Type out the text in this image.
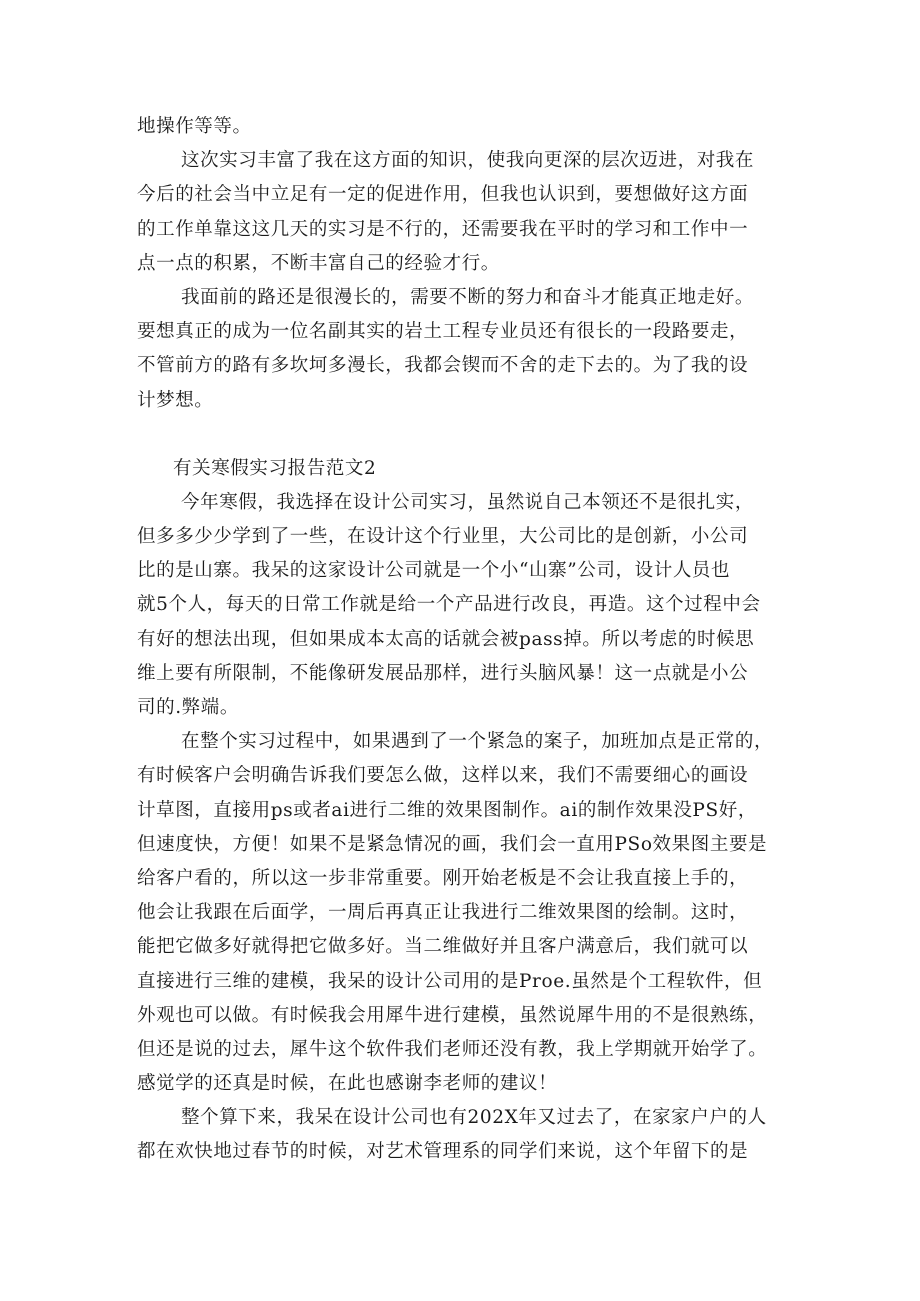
地操作等等。
这次实习丰富了我在这方面的知识，使我向更深的层次迈进，对我在
今后的社会当中立足有一定的促进作用，但我也认识到，要想做好这方面
的工作单靠这这几天的实习是不行的，还需要我在平时的学习和工作中一
点一点的积累，不断丰富自己的经验才行。
我面前的路还是很漫长的，需要不断的努力和奋斗才能真正地走好。
要想真正的成为一位名副其实的岩土工程专业员还有很长的一段路要走，
不管前方的路有多坎坷多漫长，我都会锲而不舍的走下去的。为了我的设
计梦想。
有关寒假实习报告范文2
今年寒假，我选择在设计公司实习，虽然说自己本领还不是很扎实，
但多多少少学到了一些，在设计这个行业里，大公司比的是创新，小公司
比的是山寨。我呆的这家设计公司就是一个小“山寨”公司，设计人员也
就5个人，每天的日常工作就是给一个产品进行改良，再造。这个过程中会
有好的想法出现，但如果成本太高的话就会被pass掉。所以考虑的时候思
维上要有所限制，不能像研发展品那样，进行头脑风暴！这一点就是小公
司的.弊端。
在整个实习过程中，如果遇到了一个紧急的案子，加班加点是正常的，
有时候客户会明确告诉我们要怎么做，这样以来，我们不需要细心的画设
计草图，直接用ps或者ai进行二维的效果图制作。ai的制作效果没PS好，
但速度快，方便！如果不是紧急情况的画，我们会一直用PSo效果图主要是
给客户看的，所以这一步非常重要。刚开始老板是不会让我直接上手的，
他会让我跟在后面学，一周后再真正让我进行二维效果图的绘制。这时，
能把它做多好就得把它做多好。当二维做好并且客户满意后，我们就可以
直接进行三维的建模，我呆的设计公司用的是Proe.虽然是个工程软件，但
外观也可以做。有时候我会用犀牛进行建模，虽然说犀牛用的不是很熟练，
但还是说的过去，犀牛这个软件我们老师还没有教，我上学期就开始学了。
感觉学的还真是时候，在此也感谢李老师的建议！
整个算下来，我呆在设计公司也有202X年又过去了，在家家户户的人
都在欢快地过春节的时候，对艺术管理系的同学们来说，这个年留下的是
